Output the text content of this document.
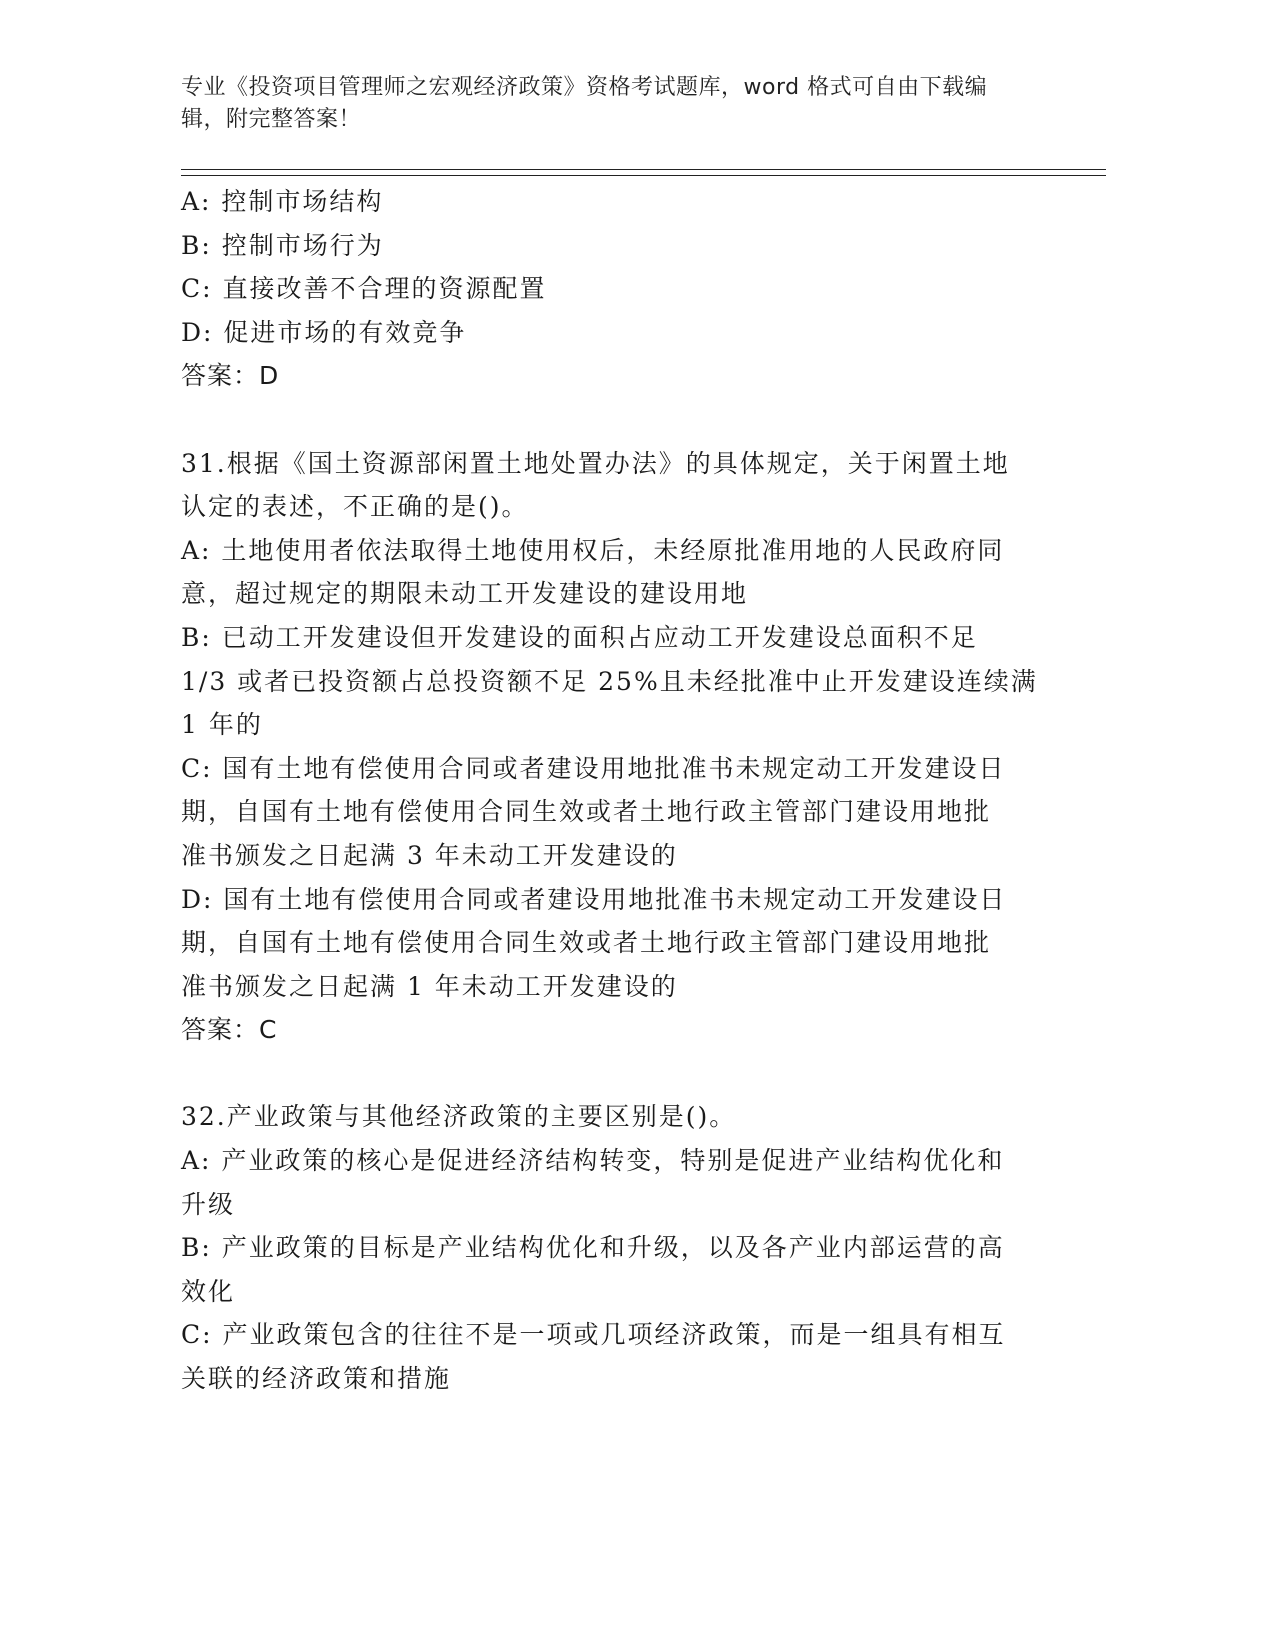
专业《投资项目管理师之宏观经济政策》资格考试题库，word 格式可自由下载编
辑，附完整答案！
A: 控制市场结构
B: 控制市场行为
C: 直接改善不合理的资源配置
D: 促进市场的有效竞争
答案：D
31.根据《国土资源部闲置土地处置办法》的具体规定，关于闲置土地
认定的表述，不正确的是()。
A: 土地使用者依法取得土地使用权后，未经原批准用地的人民政府同
意，超过规定的期限未动工开发建设的建设用地
B: 已动工开发建设但开发建设的面积占应动工开发建设总面积不足
1/3 或者已投资额占总投资额不足 25%且未经批准中止开发建设连续满
1 年的
C: 国有土地有偿使用合同或者建设用地批准书未规定动工开发建设日
期，自国有土地有偿使用合同生效或者土地行政主管部门建设用地批
准书颁发之日起满 3 年未动工开发建设的
D: 国有土地有偿使用合同或者建设用地批准书未规定动工开发建设日
期，自国有土地有偿使用合同生效或者土地行政主管部门建设用地批
准书颁发之日起满 1 年未动工开发建设的
答案：C
32.产业政策与其他经济政策的主要区别是()。
A: 产业政策的核心是促进经济结构转变，特别是促进产业结构优化和
升级
B: 产业政策的目标是产业结构优化和升级，以及各产业内部运营的高
效化
C: 产业政策包含的往往不是一项或几项经济政策，而是一组具有相互
关联的经济政策和措施
